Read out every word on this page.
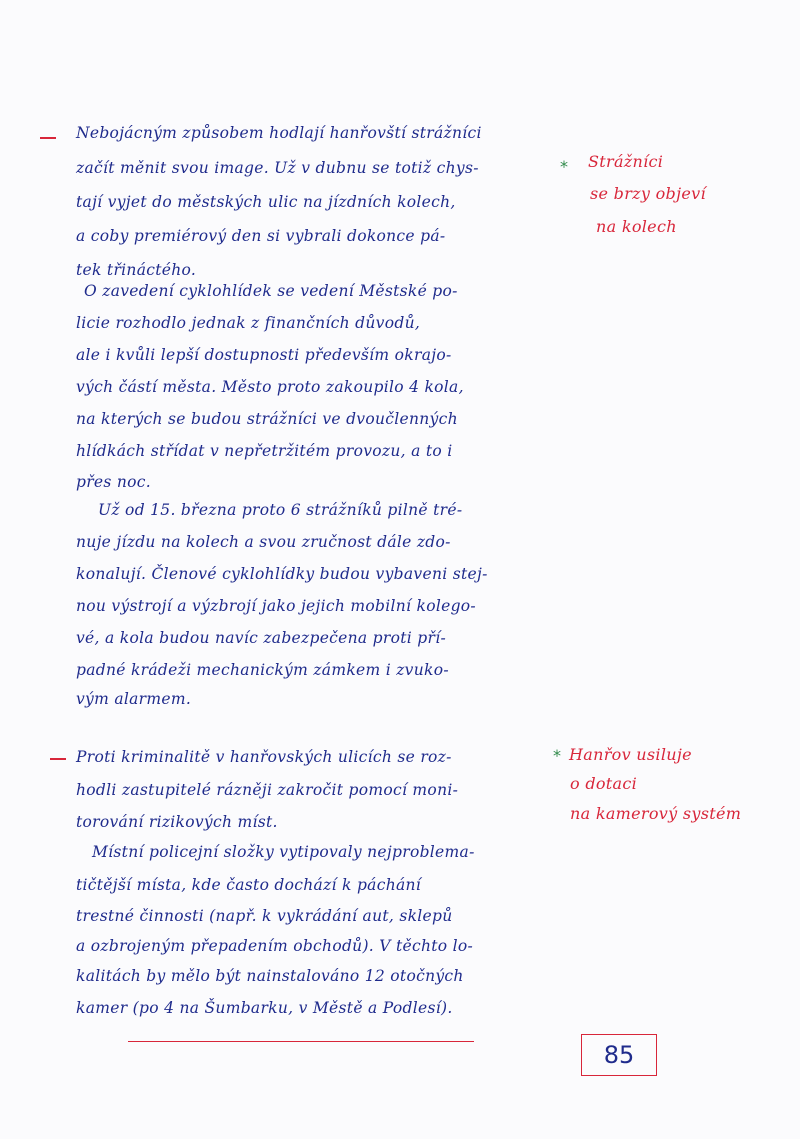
Nebojácným způsobem hodlají hanřovští strážníci
začít měnit svou image. Už v dubnu se totiž chys-
tají vyjet do městských ulic na jízdních kolech,
a coby premiérový den si vybrali dokonce pá-
tek třináctého.
O zavedení cyklohlídek se vedení Městské po-
licie rozhodlo jednak z finančních důvodů,
ale i kvůli lepší dostupnosti především okrajo-
vých částí města. Město proto zakoupilo 4 kola,
na kterých se budou strážníci ve dvoučlenných
hlídkách střídat v nepřetržitém provozu, a to i
přes noc.
Už od 15. března proto 6 strážníků pilně tré-
nuje jízdu na kolech a svou zručnost dále zdo-
konalují. Členové cyklohlídky budou vybaveni stej-
nou výstrojí a výzbrojí jako jejich mobilní kolego-
vé, a kola budou navíc zabezpečena proti pří-
padné krádeži mechanickým zámkem i zvuko-
vým alarmem.
* Strážníci
se brzy objeví
na kolech
Proti kriminalitě v hanřovských ulicích se roz-
hodli zastupitelé rázněji zakročit pomocí moni-
torování rizikových míst.
Místní policejní složky vytipovaly nejproblema-
tičtější místa, kde často dochází k páchání
trestné činnosti (např. k vykrádání aut, sklepů
a ozbrojeným přepadením obchodů). V těchto lo-
kalitách by mělo být nainstalováno 12 otočných
kamer (po 4 na Šumbarku, v Městě a Podlesí).
* Hanřov usiluje
o dotaci
na kamerový systém
85
